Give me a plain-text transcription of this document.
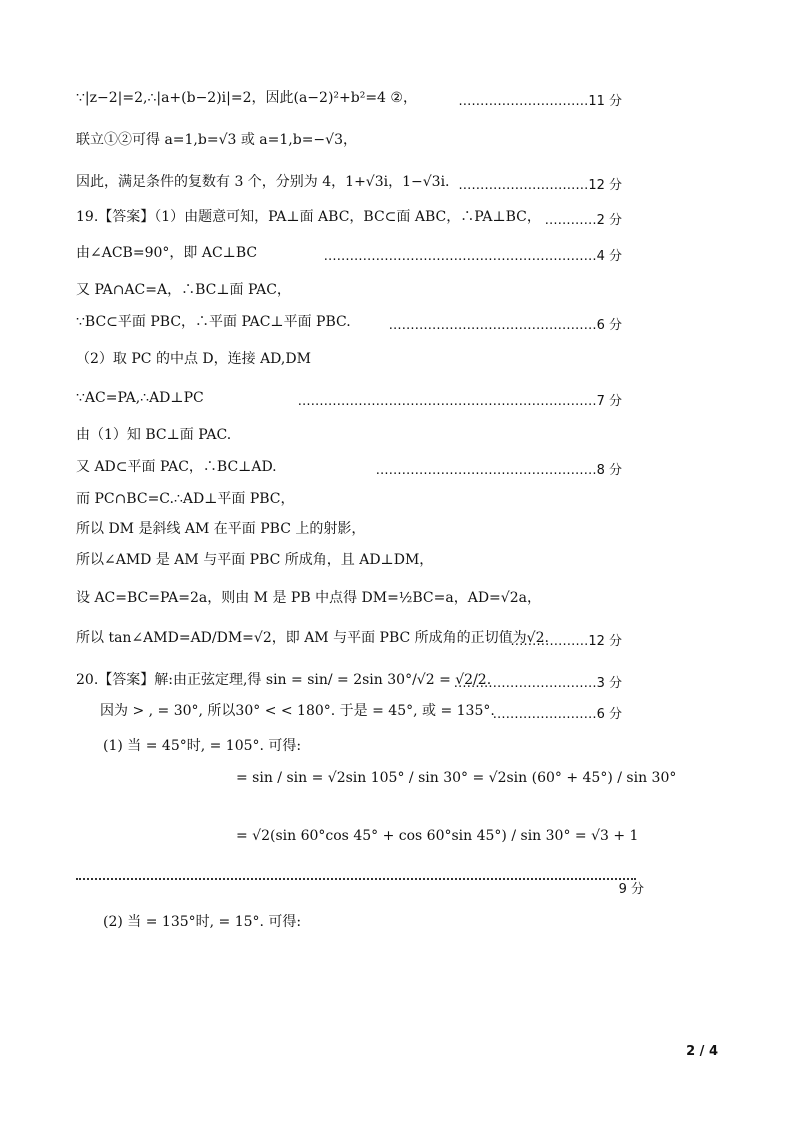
∵|z−2|=2,∴|a+(b−2)i|=2，因此(a−2)²+b²=4 ②，	…………………………11 分
联立①②可得 a=1,b=√3 或 a=1,b=−√3，
因此，满足条件的复数有 3 个，分别为 4，1+√3i，1−√3i. …………………………12 分
19.【答案】（1）由题意可知，PA⊥面 ABC，BC⊂面 ABC，∴PA⊥BC， …………2 分
由∠ACB=90°，即 AC⊥BC	………………………………………………………4 分
又 PA∩AC=A，∴BC⊥面 PAC，
∵BC⊂平面 PBC，∴平面 PAC⊥平面 PBC.	…………………………………………6 分
（2）取 PC 的中点 D，连接 AD,DM
∵AC=PA,∴AD⊥PC	……………………………………………………………7 分
由（1）知 BC⊥面 PAC.
又 AD⊂平面 PAC，∴BC⊥AD.	……………………………………………8 分
而 PC∩BC=C.∴AD⊥平面 PBC，
所以 DM 是斜线 AM 在平面 PBC 上的射影，
所以∠AMD 是 AM 与平面 PBC 所成角，且 AD⊥DM，
设 AC=BC=PA=2a，则由 M 是 PB 中点得 DM=½BC=a，AD=√2a，
所以 tan∠AMD=AD/DM=√2，即 AM 与平面 PBC 所成角的正切值为√2.
………………12 分
20.【答案】解:由正弦定理,得 sin = sin/ = 2sin 30°/√2 = √2/2.
……………………………3 分
因为 > , = 30°, 所以30° < < 180°. 于是 = 45°, 或 = 135°.
……………………6 分
(1) 当 = 45°时, = 105°. 可得:
= sin / sin = √2sin 105° / sin 30° = √2sin (60° + 45°) / sin 30°
= √2(sin 60°cos 45° + cos 60°sin 45°) / sin 30° = √3 + 1
9 分
(2) 当 = 135°时, = 15°. 可得:
2 / 4
